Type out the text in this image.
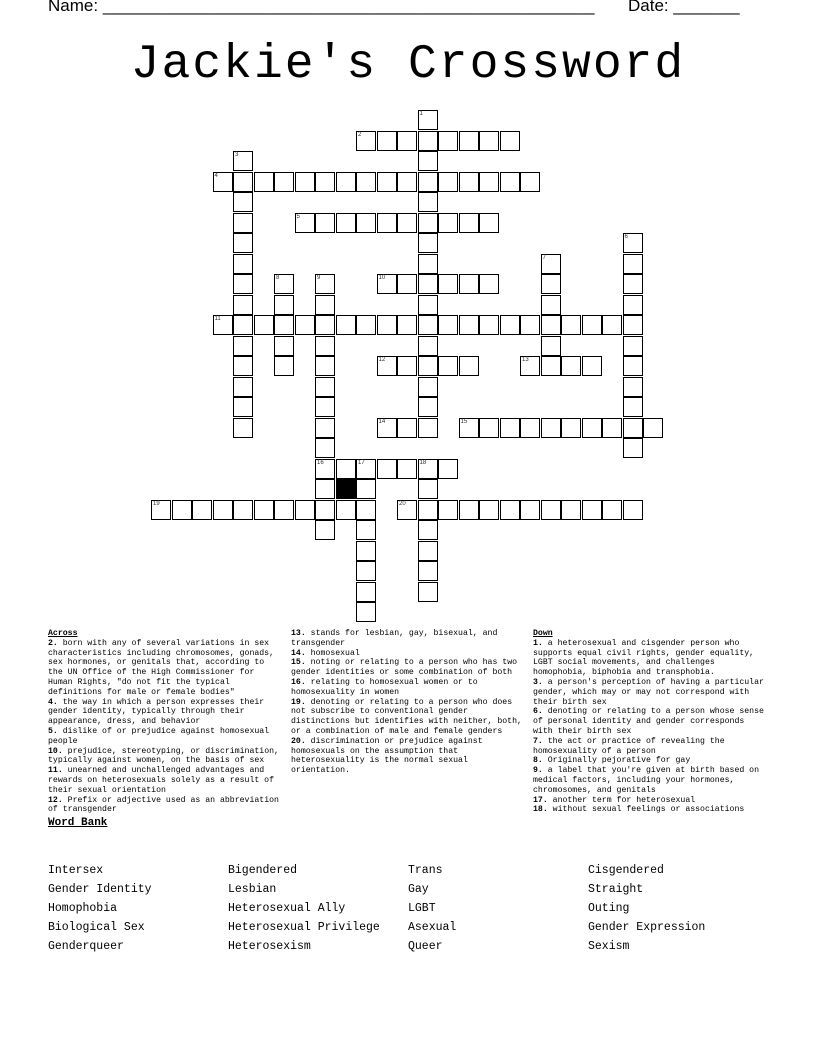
Name: ____________________________________________________ Date: _______
Jackie's Crossword
1
2
3
4
5
6
7
8	9	10
11
12	13
14	15
16	17	18
19	20
Across

2. born with any of several variations in sex characteristics including chromosomes, gonads, sex hormones, or genitals that, according to the UN Office of the High Commissioner for Human Rights, "do not fit the typical definitions for male or female bodies"

4. the way in which a person expresses their gender identity, typically through their appearance, dress, and behavior

5. dislike of or prejudice against homosexual people

10. prejudice, stereotyping, or discrimination, typically against women, on the basis of sex

11. unearned and unchallenged advantages and rewards on heterosexuals solely as a result of their sexual orientation

12. Prefix or adjective used as an abbreviation of transgender

13. stands for lesbian, gay, bisexual, and transgender

14. homosexual

15. noting or relating to a person who has two gender identities or some combination of both

16. relating to homosexual women or to homosexuality in women

19. denoting or relating to a person who does not subscribe to conventional gender distinctions but identifies with neither, both, or a combination of male and female genders

20. discrimination or prejudice against homosexuals on the assumption that heterosexuality is the normal sexual orientation.

Down

1. a heterosexual and cisgender person who supports equal civil rights, gender equality, LGBT social movements, and challenges homophobia, biphobia and transphobia.

3. a person's perception of having a particular gender, which may or may not correspond with their birth sex

6. denoting or relating to a person whose sense of personal identity and gender corresponds with their birth sex

7. the act or practice of revealing the homosexuality of a person

8. Originally pejorative for gay

9. a label that you're given at birth based on medical factors, including your hormones, chromosomes, and genitals

17. another term for heterosexual

18. without sexual feelings or associations

Word Bank
Intersex
Gender Identity
Homophobia
Biological Sex
Genderqueer
Bigendered
Lesbian
Heterosexual Ally
Heterosexual Privilege
Heterosexism
Trans
Gay
LGBT
Asexual
Queer
Cisgendered
Straight
Outing
Gender Expression
Sexism
